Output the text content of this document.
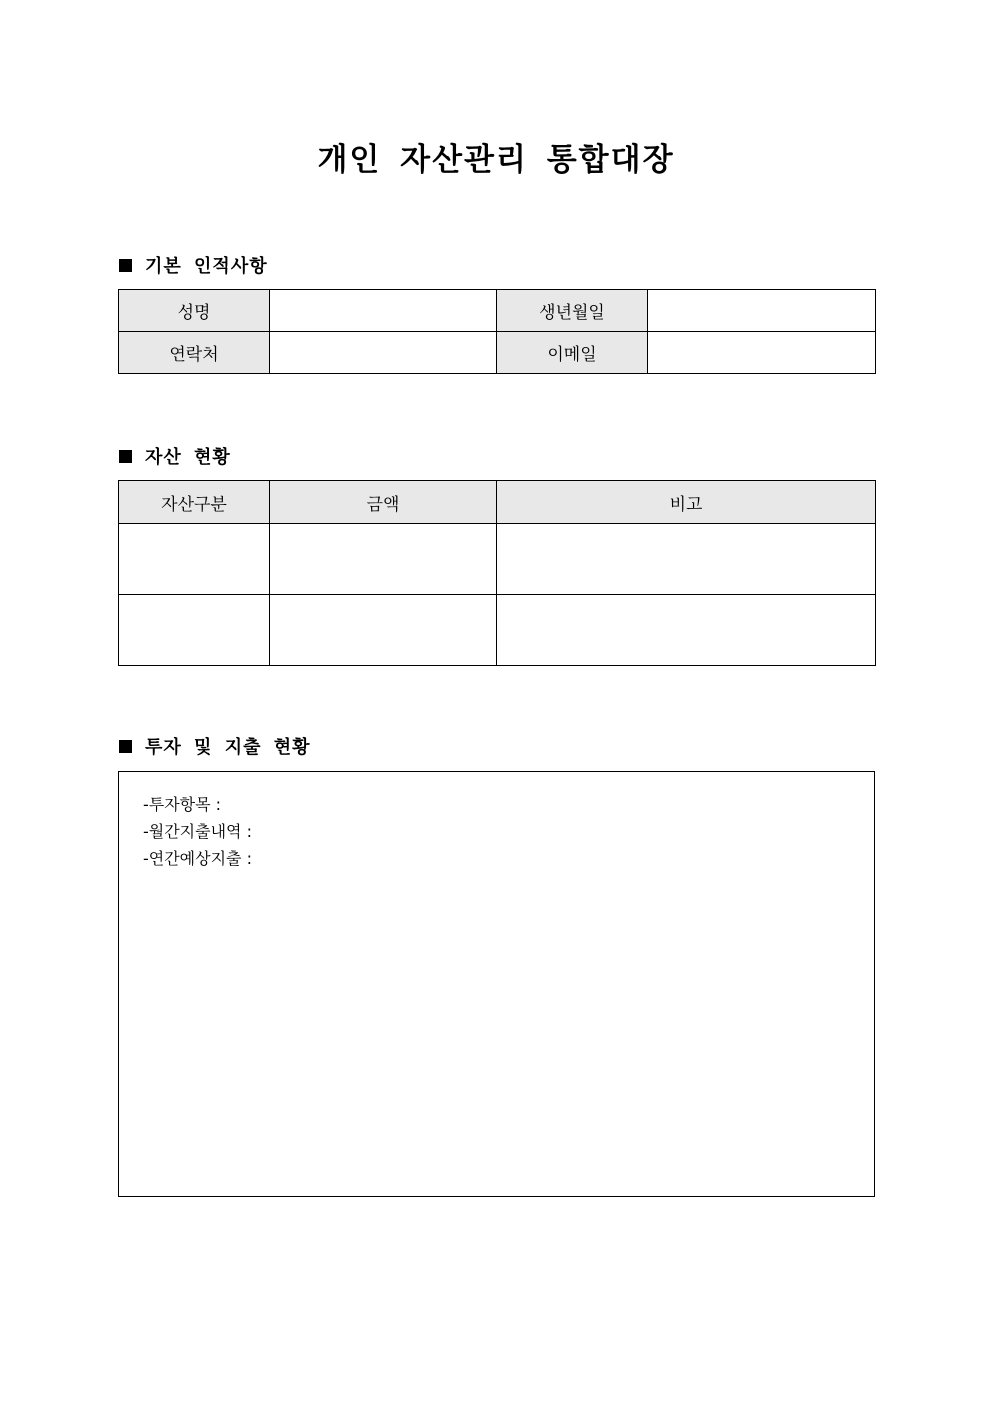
개인 자산관리 통합대장
기본 인적사항
성명		생년월일	
연락처		이메일	
자산 현황
자산구분	금액	비고

투자 및 지출 현황
-투자항목 :
-월간지출내역 :
-연간예상지출 :
